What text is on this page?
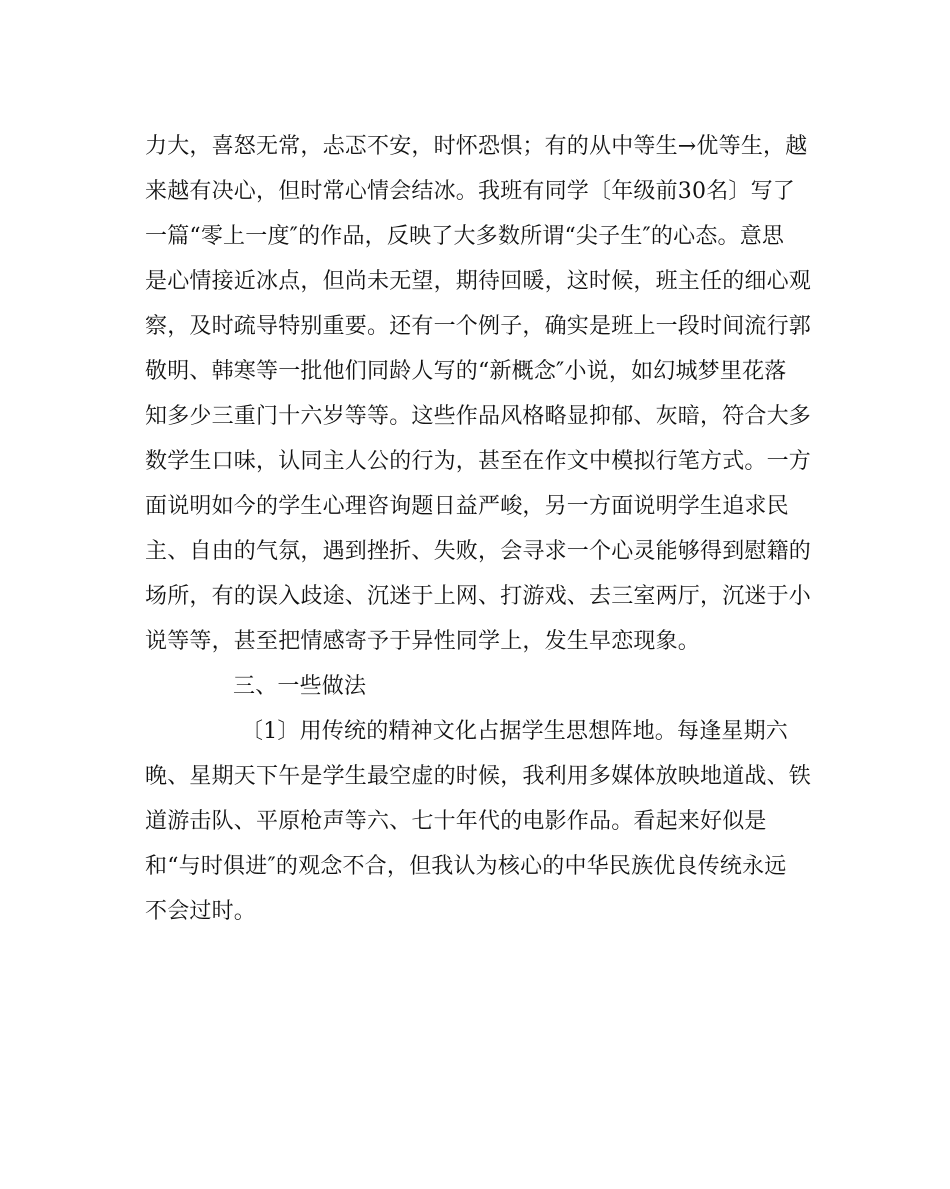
力大，喜怒无常，忐忑不安，时怀恐惧；有的从中等生→优等生，越
来越有决心，但时常心情会结冰。我班有同学〔年级前30名〕写了
一篇“零上一度″的作品，反映了大多数所谓“尖子生″的心态。意思
是心情接近冰点，但尚未无望，期待回暖，这时候，班主任的细心观
察，及时疏导特别重要。还有一个例子，确实是班上一段时间流行郭
敬明、韩寒等一批他们同龄人写的“新概念″小说，如幻城梦里花落
知多少三重门十六岁等等。这些作品风格略显抑郁、灰暗，符合大多
数学生口味，认同主人公的行为，甚至在作文中模拟行笔方式。一方
面说明如今的学生心理咨询题日益严峻，另一方面说明学生追求民
主、自由的气氛，遇到挫折、失败，会寻求一个心灵能够得到慰籍的
场所，有的误入歧途、沉迷于上网、打游戏、去三室两厅，沉迷于小
说等等，甚至把情感寄予于异性同学上，发生早恋现象。
三、一些做法
〔1〕用传统的精神文化占据学生思想阵地。每逢星期六
晚、星期天下午是学生最空虚的时候，我利用多媒体放映地道战、铁
道游击队、平原枪声等六、七十年代的电影作品。看起来好似是
和“与时俱进″的观念不合，但我认为核心的中华民族优良传统永远
不会过时。
